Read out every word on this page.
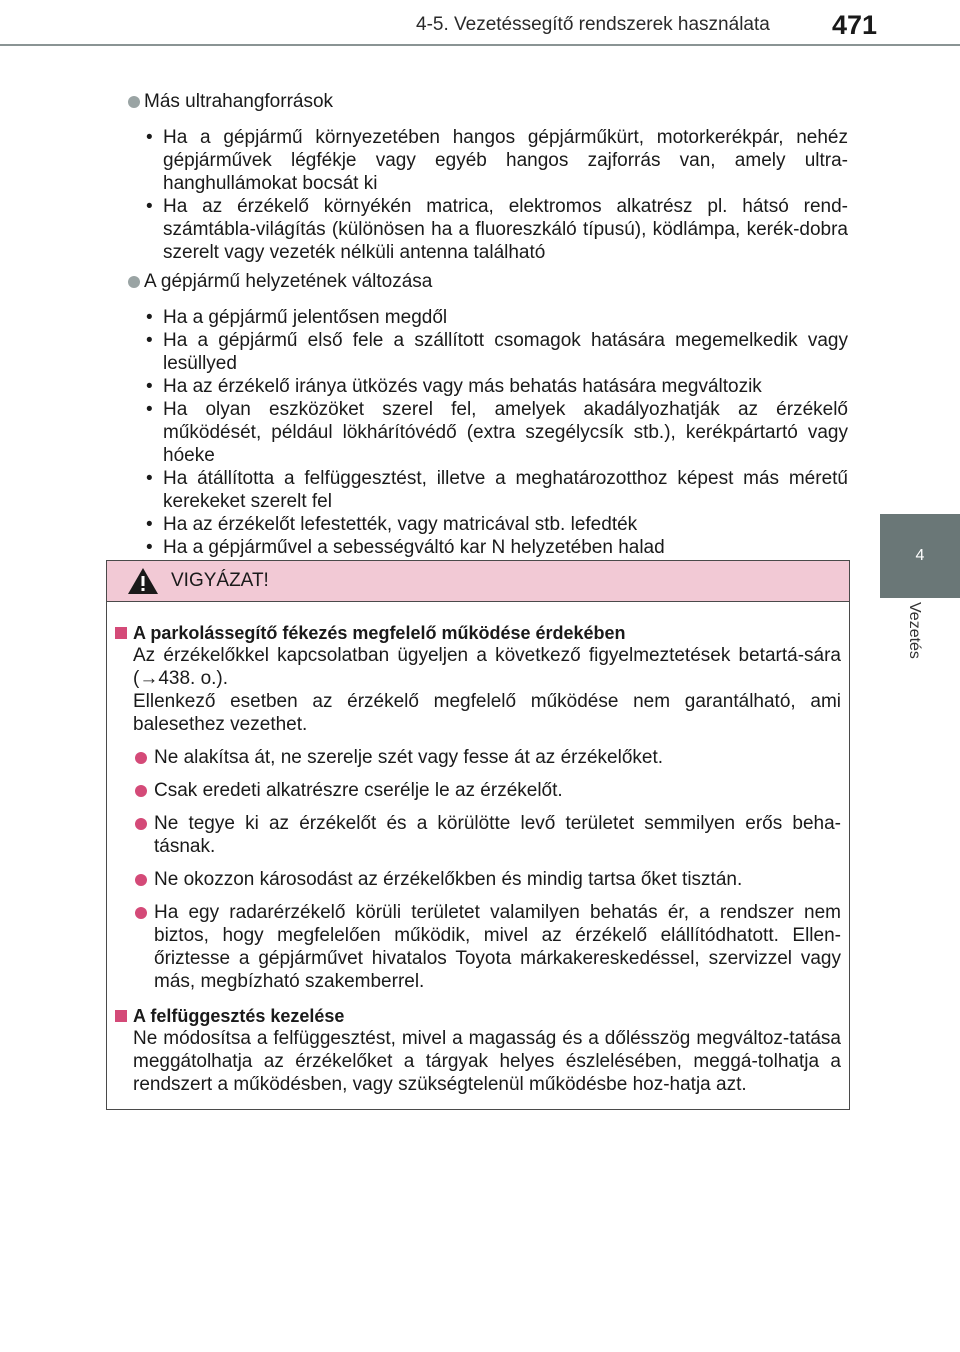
4-5. Vezetéssegítő rendszerek használata 471
4
Vezetés
Más ultrahangforrások
• Ha a gépjármű környezetében hangos gépjárműkürt, motorkerékpár, nehéz gépjárművek légfékje vagy egyéb hangos zajforrás van, amely ultra-hanghullámokat bocsát ki
• Ha az érzékelő környékén matrica, elektromos alkatrész pl. hátsó rend-számtábla-világítás (különösen ha a fluoreszkáló típusú), ködlámpa, kerék-dobra szerelt vagy vezeték nélküli antenna található
A gépjármű helyzetének változása
• Ha a gépjármű jelentősen megdől
• Ha a gépjármű első fele a szállított csomagok hatására megemelkedik vagy lesüllyed
• Ha az érzékelő iránya ütközés vagy más behatás hatására megváltozik
• Ha olyan eszközöket szerel fel, amelyek akadályozhatják az érzékelő működését, például lökhárítóvédő (extra szegélycsík stb.), kerékpártartó vagy hóeke
• Ha átállította a felfüggesztést, illetve a meghatározotthoz képest más méretű kerekeket szerelt fel
• Ha az érzékelőt lefestették, vagy matricával stb. lefedték
• Ha a gépjárművel a sebességváltó kar N helyzetében halad
VIGYÁZAT!
A parkolássegítő fékezés megfelelő működése érdekében
Az érzékelőkkel kapcsolatban ügyeljen a következő figyelmeztetések betartá-sára (→438. o.).
Ellenkező esetben az érzékelő megfelelő működése nem garantálható, ami balesethez vezethet.
Ne alakítsa át, ne szerelje szét vagy fesse át az érzékelőket.
Csak eredeti alkatrészre cserélje le az érzékelőt.
Ne tegye ki az érzékelőt és a körülötte levő területet semmilyen erős beha-tásnak.
Ne okozzon károsodást az érzékelőkben és mindig tartsa őket tisztán.
Ha egy radarérzékelő körüli területet valamilyen behatás ér, a rendszer nem biztos, hogy megfelelően működik, mivel az érzékelő elállítódhatott. Ellen-őriztesse a gépjárművet hivatalos Toyota márkakereskedéssel, szervizzel vagy más, megbízható szakemberrel.
A felfüggesztés kezelése
Ne módosítsa a felfüggesztést, mivel a magasság és a dőlésszög megváltoz-tatása meggátolhatja az érzékelőket a tárgyak helyes észlelésében, meggá-tolhatja a rendszert a működésben, vagy szükségtelenül működésbe hoz-hatja azt.
